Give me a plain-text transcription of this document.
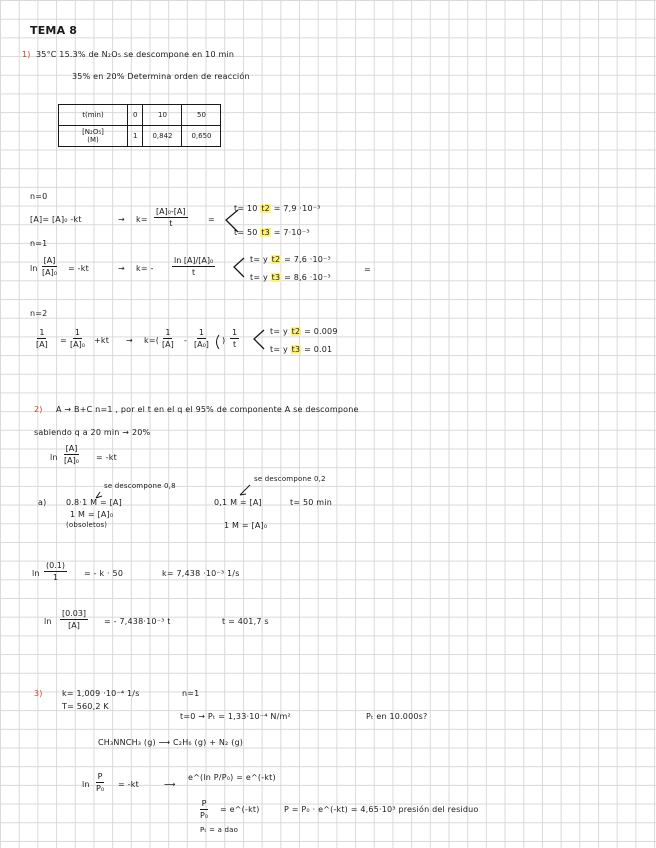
TEMA 8
1) 35°C 15.3% de N₂O₅ se descompone en 10 min
35% en 20% Determina orden de reacción
t(min)	0	10	50

[N₂O₅]
(M)	1	0,842	0,650
n=0
[A]= [A]₀ -kt	→ $k= \frac{\text{[A]₀-[A]}}{t}$	=
t= 10 t2 = 7,9 ·10⁻³
t= 50 t3 = 7·10⁻³
n=1
$\ln \frac{[A]}{\text{[A]₀}} = -kt$	→ $k= - \frac{\text{ln [A]/[A]₀}}{t}$	t= y t2 = 7,6 ·10⁻³
t= y t3 = 8,6 ·10⁻³
=
n=2
$\frac{1}{[A]} = \frac{1}{\text{[A]₀}} +kt \to k=( \frac{1}{[A]} - \frac{1}{\text{[A₀]}}$ ) $\frac{1}{t}$	t= y t2 = 0.009
t= y t3 = 0.01
2) A → B+C n=1 , por el t en el q el 95% de componente A se descompone
sabiendo q a 20 min → 20%
$\ln \frac{[A]}{\text{[A]₀}} = -kt$
se descompone 0,8
se descompone 0,2
a) 0.8·1 M = [A]
1 M = [A]₀
(obsoletos)
0,1 M = [A]	t= 50 min
1 M = [A]₀
$\ln \frac{(0.1)}{1}$ = - k · 50	k= 7,438 ·10⁻³ 1/s
$\ln \frac{[0.03]}{[A]}$ = - 7,438·10⁻³ t	t = 401,7 s
3) k= 1,009 ·10⁻⁴ 1/s	n=1
T= 560,2 K
t=0 → Pₜ = 1,33·10⁻⁴ N/m²	Pₜ en 10.000s?
CH₃NNCH₃ (g) ⟶ C₂H₆ (g) + N₂ (g)
$\ln \frac{P}{\text{P₀}} = -kt$	⟶
e^(ln P/P₀) = e^(-kt)
$\frac{P}{\text{P₀}}$ = e^(-kt)	P = P₀ · e^(-kt) = 4,65·10³ presión del residuo
Pₜ = a dao
